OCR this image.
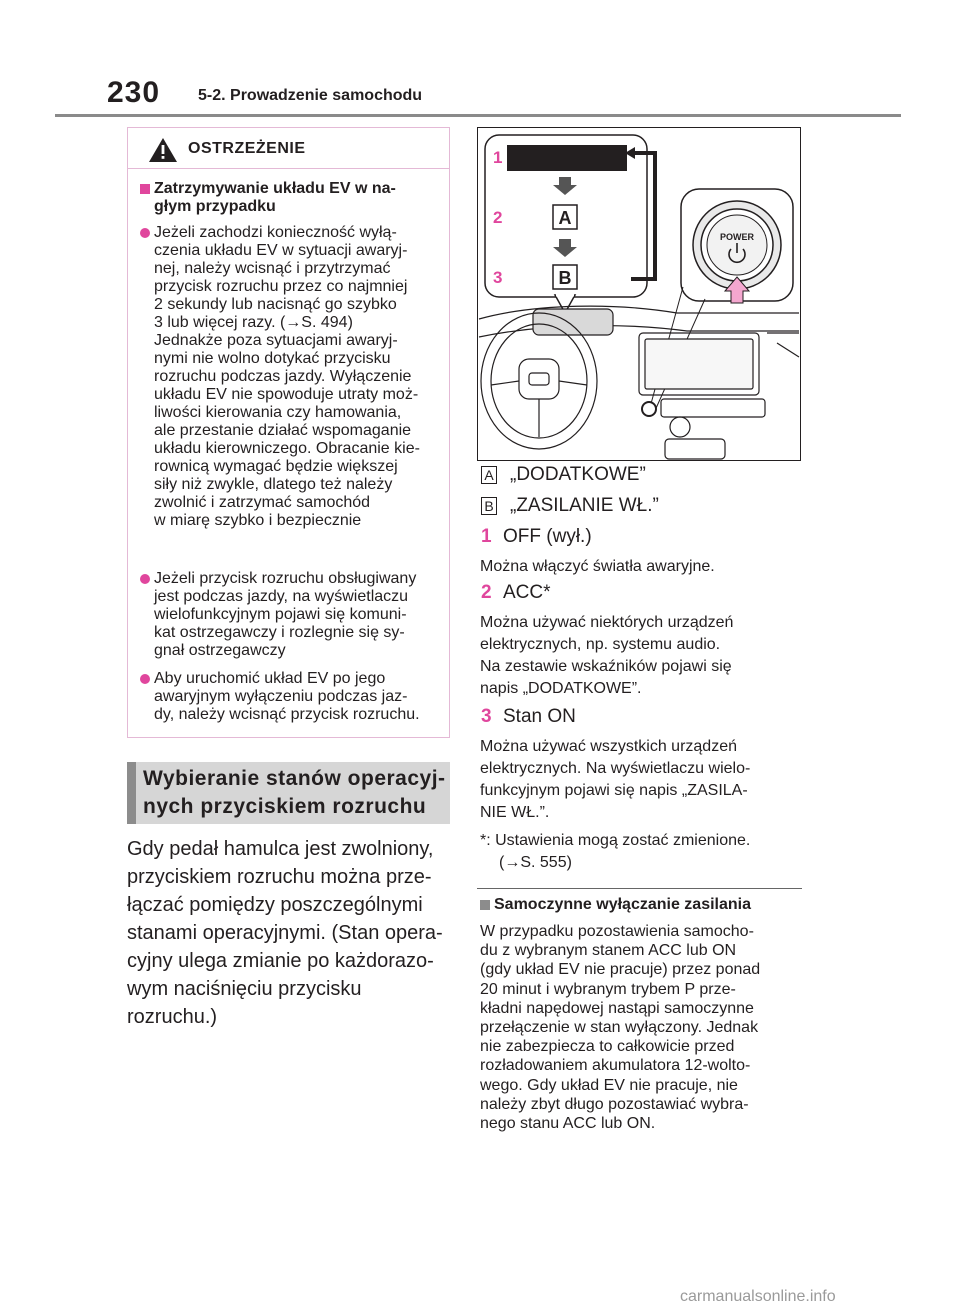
230 5-2. Prowadzenie samochodu
OSTRZEŻENIE
Zatrzymywanie układu EV w na-
głym przypadku
Jeżeli zachodzi konieczność wyłą-
czenia układu EV w sytuacji awaryj-
nej, należy wcisnąć i przytrzymać
przycisk rozruchu przez co najmniej
2 sekundy lub nacisnąć go szybko
3 lub więcej razy. (→S. 494)
Jednakże poza sytuacjami awaryj-
nymi nie wolno dotykać przycisku
rozruchu podczas jazdy. Wyłączenie
układu EV nie spowoduje utraty moż-
liwości kierowania czy hamowania,
ale przestanie działać wspomaganie
układu kierowniczego. Obracanie kie-
rownicą wymagać będzie większej
siły niż zwykle, dlatego też należy
zwolnić i zatrzymać samochód
w miarę szybko i bezpiecznie
Jeżeli przycisk rozruchu obsługiwany
jest podczas jazdy, na wyświetlaczu
wielofunkcyjnym pojawi się komuni-
kat ostrzegawczy i rozlegnie się sy-
gnał ostrzegawczy
Aby uruchomić układ EV po jego
awaryjnym wyłączeniu podczas jaz-
dy, należy wcisnąć przycisk rozruchu.
Wybieranie stanów operacyj-
nych przyciskiem rozruchu
Gdy pedał hamulca jest zwolniony,
przyciskiem rozruchu można prze-
łączać pomiędzy poszczególnymi
stanami operacyjnymi. (Stan opera-
cyjny ulega zmianie po każdorazo-
wym naciśnięciu przycisku rozruchu.)
A
B
1
2
3
POWER
A „DODATKOWE”
B „ZASILANIE WŁ.”
1 OFF (wył.)
Można włączyć światła awaryjne.
2 ACC*
Można używać niektórych urządzeń
elektrycznych, np. systemu audio.
Na zestawie wskaźników pojawi się
napis „DODATKOWE”.
3 Stan ON
Można używać wszystkich urządzeń
elektrycznych. Na wyświetlaczu wielo-
funkcyjnym pojawi się napis „ZASILA-
NIE WŁ.”.
*: Ustawienia mogą zostać zmienione.
(→S. 555)
Samoczynne wyłączanie zasilania
W przypadku pozostawienia samocho-
du z wybranym stanem ACC lub ON
(gdy układ EV nie pracuje) przez ponad
20 minut i wybranym trybem P prze-
kładni napędowej nastąpi samoczynne
przełączenie w stan wyłączony. Jednak
nie zabezpiecza to całkowicie przed
rozładowaniem akumulatora 12-wolto-
wego. Gdy układ EV nie pracuje, nie
należy zbyt długo pozostawiać wybra-
nego stanu ACC lub ON.
carmanualsonline.info
